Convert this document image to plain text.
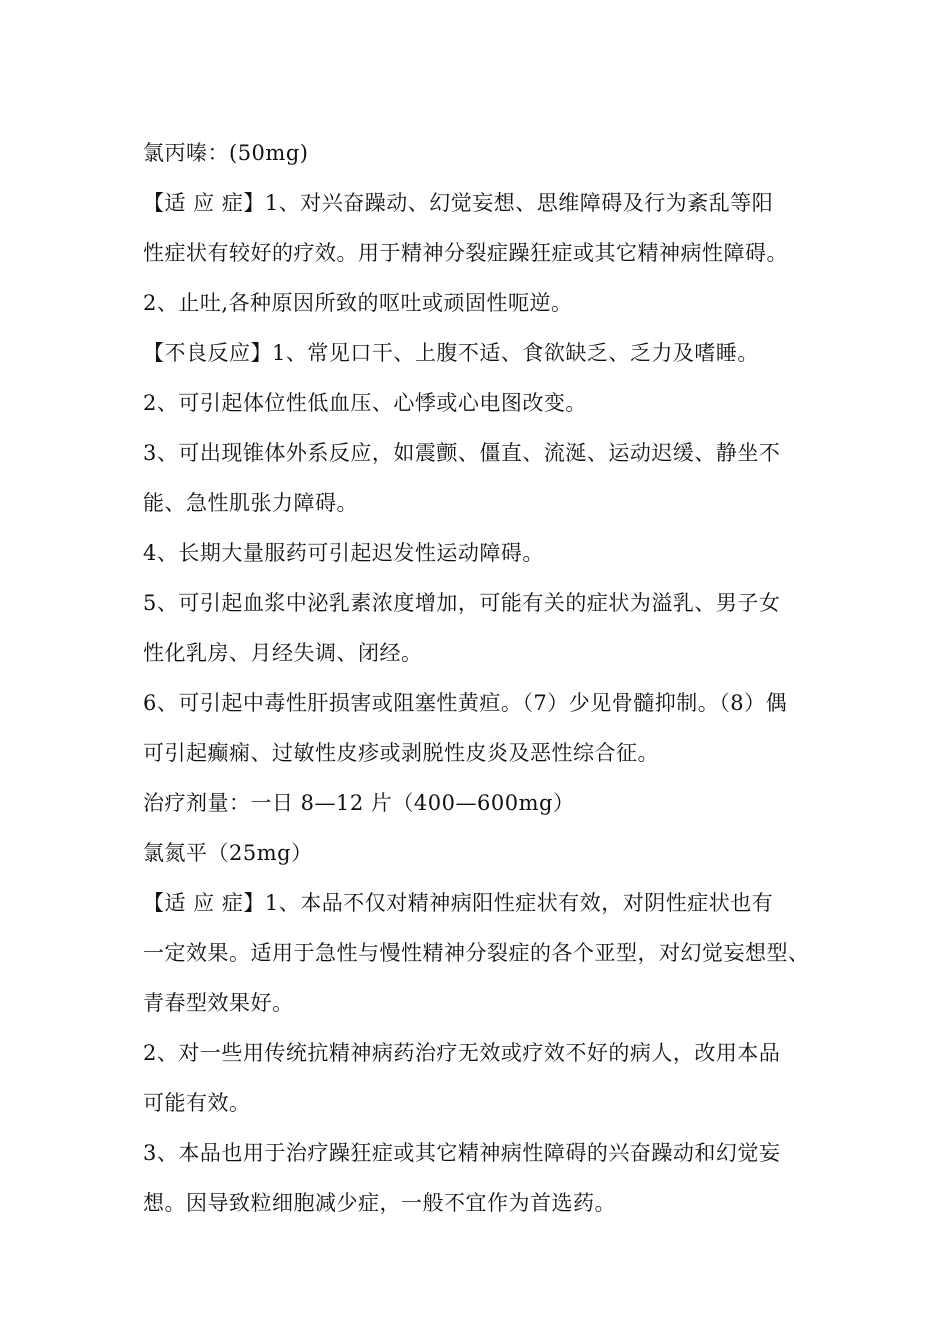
氯丙嗪：(50mg)
【适 应 症】1、对兴奋躁动、幻觉妄想、思维障碍及行为紊乱等阳
性症状有较好的疗效。用于精神分裂症躁狂症或其它精神病性障碍。
2、止吐,各种原因所致的呕吐或顽固性呃逆。
【不良反应】1、常见口干、上腹不适、食欲缺乏、乏力及嗜睡。
2、可引起体位性低血压、心悸或心电图改变。
3、可出现锥体外系反应，如震颤、僵直、流涎、运动迟缓、静坐不
能、急性肌张力障碍。
4、长期大量服药可引起迟发性运动障碍。
5、可引起血浆中泌乳素浓度增加，可能有关的症状为溢乳、男子女
性化乳房、月经失调、闭经。
6、可引起中毒性肝损害或阻塞性黄疸。（7）少见骨髓抑制。（8）偶
可引起癫痫、过敏性皮疹或剥脱性皮炎及恶性综合征。
治疗剂量：一日 8—12 片（400—600mg）
氯氮平（25mg）
【适 应 症】1、本品不仅对精神病阳性症状有效，对阴性症状也有
一定效果。适用于急性与慢性精神分裂症的各个亚型，对幻觉妄想型、
青春型效果好。
2、对一些用传统抗精神病药治疗无效或疗效不好的病人，改用本品
可能有效。
3、本品也用于治疗躁狂症或其它精神病性障碍的兴奋躁动和幻觉妄
想。因导致粒细胞减少症，一般不宜作为首选药。
